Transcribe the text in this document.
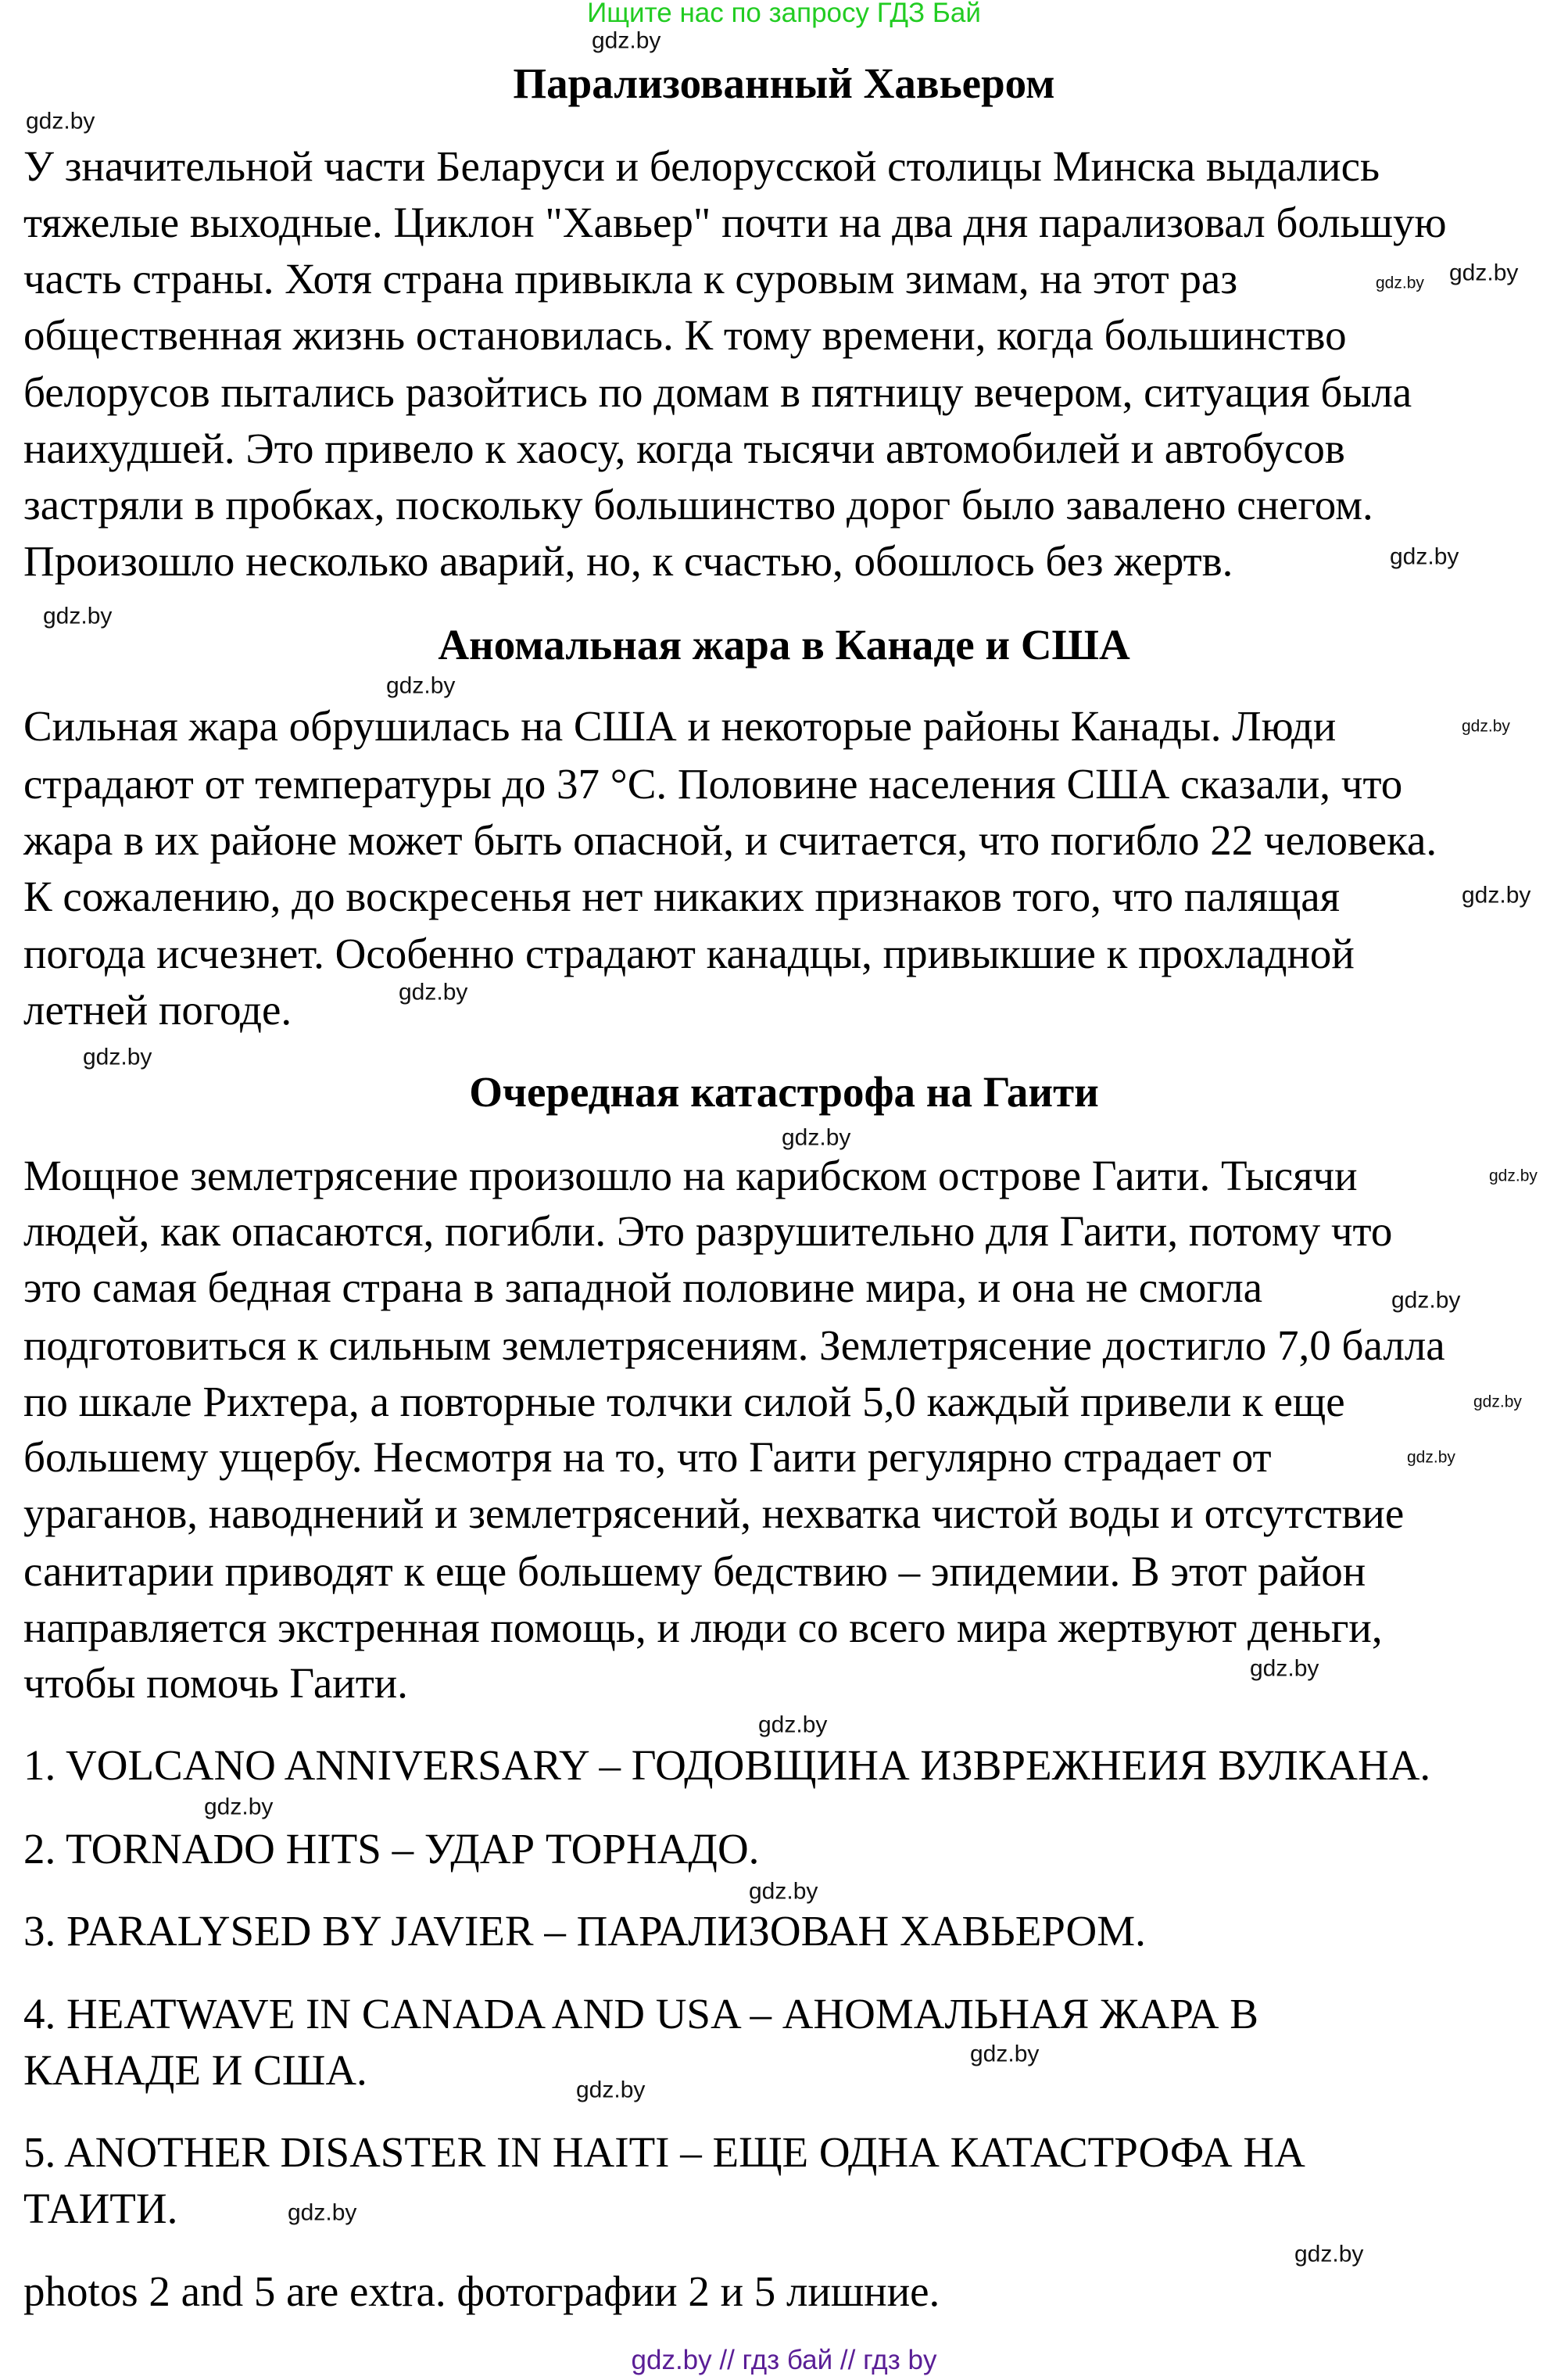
Ищите нас по запросу ГДЗ Бай
gdz.by // гдз бай // гдз by
photos 2 and 5 are extra. фотографии 2 и 5 лишние.
Парализованный Хавьером
Аномальная жара в Канаде и США
Очередная катастрофа на Гаити
У значительной части Беларуси и белорусской столицы Минска выдались
тяжелые выходные. Циклон "Хавьер" почти на два дня парализовал большую
часть страны. Хотя страна привыкла к суровым зимам, на этот раз
общественная жизнь остановилась. К тому времени, когда большинство
белорусов пытались разойтись по домам в пятницу вечером, ситуация была
наихудшей. Это привело к хаосу, когда тысячи автомобилей и автобусов
застряли в пробках, поскольку большинство дорог было завалено снегом.
Произошло несколько аварий, но, к счастью, обошлось без жертв.
Сильная жара обрушилась на США и некоторые районы Канады. Люди
страдают от температуры до 37 °C. Половине населения США сказали, что
жара в их районе может быть опасной, и считается, что погибло 22 человека.
К сожалению, до воскресенья нет никаких признаков того, что палящая
погода исчезнет. Особенно страдают канадцы, привыкшие к прохладной
летней погоде.
Мощное землетрясение произошло на карибском острове Гаити. Тысячи
людей, как опасаются, погибли. Это разрушительно для Гаити, потому что
это самая бедная страна в западной половине мира, и она не смогла
подготовиться к сильным землетрясениям. Землетрясение достигло 7,0 балла
по шкале Рихтера, а повторные толчки силой 5,0 каждый привели к еще
большему ущербу. Несмотря на то, что Гаити регулярно страдает от
ураганов, наводнений и землетрясений, нехватка чистой воды и отсутствие
санитарии приводят к еще большему бедствию – эпидемии. В этот район
направляется экстренная помощь, и люди со всего мира жертвуют деньги,
чтобы помочь Гаити.
1. VOLCANO ANNIVERSARY – ГОДОВЩИНА ИЗВРЕЖНЕИЯ ВУЛКАНА.
2. TORNADO HITS – УДАР ТОРНАДО.
3. PARALYSED BY JAVIER – ПАРАЛИЗОВАН ХАВЬЕРОМ.
4. HEATWAVE IN CANADA AND USA – АНОМАЛЬНАЯ ЖАРА В
КАНАДЕ И США.
5. ANOTHER DISASTER IN HAITI – ЕЩЕ ОДНА КАТАСТРОФА НА
ТАИТИ.
gdz.by
gdz.by
gdz.by
gdz.by
gdz.by
gdz.by
gdz.by
gdz.by
gdz.by
gdz.by
gdz.by
gdz.by
gdz.by
gdz.by
gdz.by
gdz.by
gdz.by
gdz.by
gdz.by
gdz.by
gdz.by
gdz.by
gdz.by
gdz.by
